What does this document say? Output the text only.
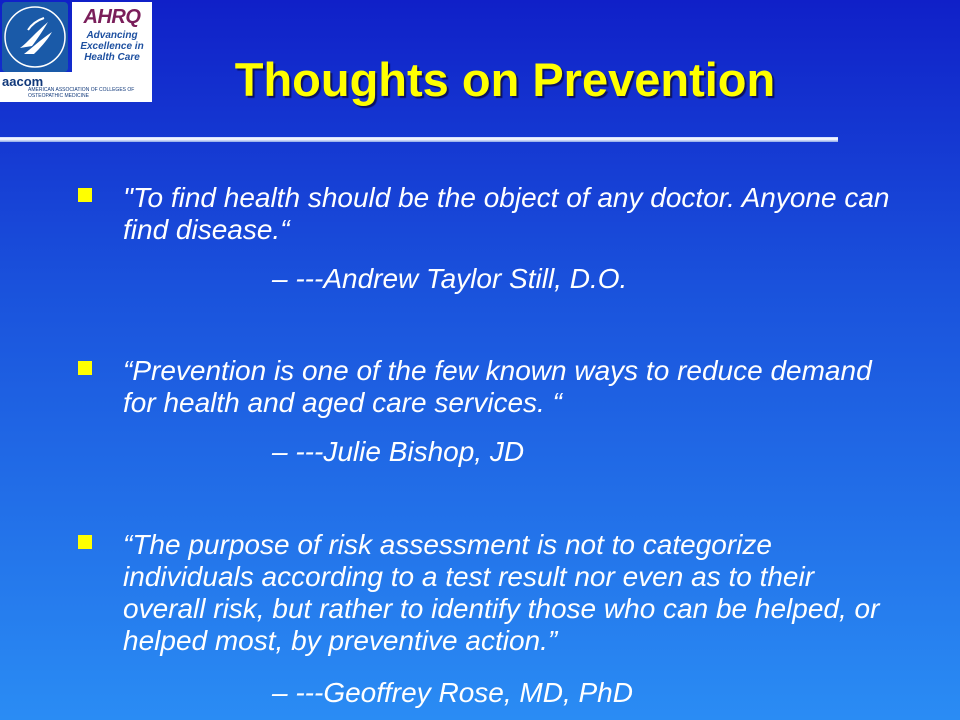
AHRQ
Advancing Excellence in Health Care
aacom
AMERICAN ASSOCIATION OF COLLEGES OF OSTEOPATHIC MEDICINE	Thoughts on Prevention

"To find health should be the object of any doctor. Anyone can find disease.“

– ---Andrew Taylor Still, D.O.

“Prevention is one of the few known ways to reduce demand for health and aged care services. “

– ---Julie Bishop, JD

“The purpose of risk assessment is not to categorize individuals according to a test result nor even as to their overall risk, but rather to identify those who can be helped, or helped most, by preventive action.”

– ---Geoffrey Rose, MD, PhD
